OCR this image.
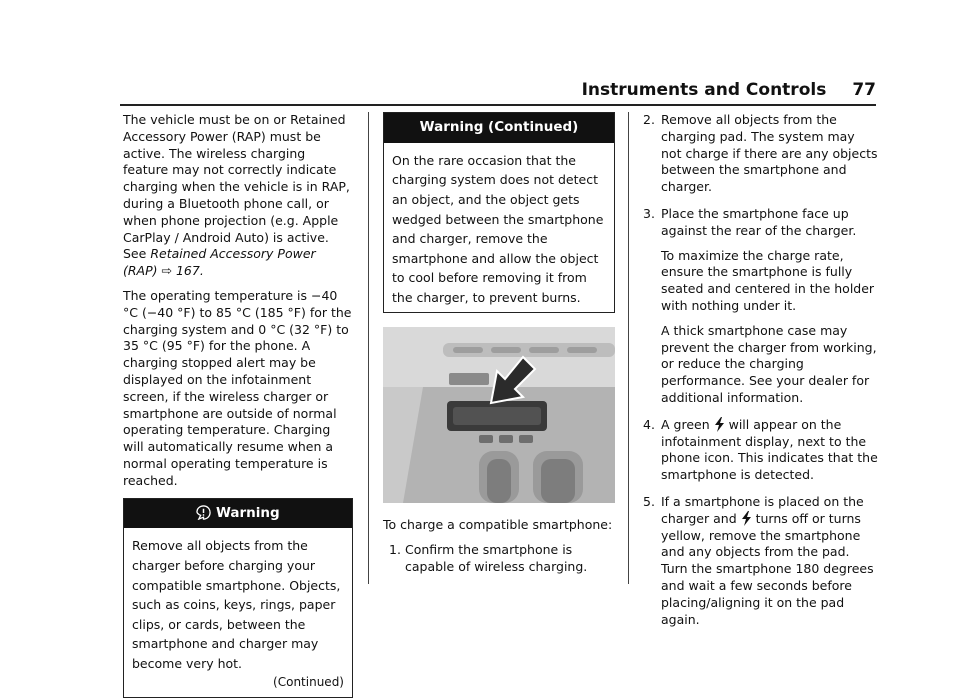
Instruments and Controls 77

The vehicle must be on or Retained Accessory Power (RAP) must be active. The wireless charging feature may not correctly indicate charging when the vehicle is in RAP, during a Bluetooth phone call, or when phone projection (e.g. Apple CarPlay / Android Auto) is active. See Retained Accessory Power (RAP) ⇨ 167.

The operating temperature is −40 °C (−40 °F) to 85 °C (185 °F) for the charging system and 0 °C (32 °F) to 35 °C (95 °F) for the phone. A charging stopped alert may be displayed on the infotainment screen, if the wireless charger or smartphone are outside of normal operating temperature. Charging will automatically resume when a normal operating temperature is reached.

Warning
Remove all objects from the charger before charging your compatible smartphone. Objects, such as coins, keys, rings, paper clips, or cards, between the smartphone and charger may become very hot.
(Continued)
Warning (Continued)
On the rare occasion that the charging system does not detect an object, and the object gets wedged between the smartphone and charger, remove the smartphone and allow the object to cool before removing it from the charger, to prevent burns.

To charge a compatible smartphone:

1. Confirm the smartphone is capable of wireless charging.
2. Remove all objects from the charging pad. The system may not charge if there are any objects between the smartphone and charger.

3. Place the smartphone face up against the rear of the charger.

To maximize the charge rate, ensure the smartphone is fully seated and centered in the holder with nothing under it.

A thick smartphone case may prevent the charger from working, or reduce the charging performance. See your dealer for additional information.

4. A green will appear on the infotainment display, next to the phone icon. This indicates that the smartphone is detected.

5. If a smartphone is placed on the charger and turns off or turns yellow, remove the smartphone and any objects from the pad. Turn the smartphone 180 degrees and wait a few seconds before placing/aligning it on the pad again.
